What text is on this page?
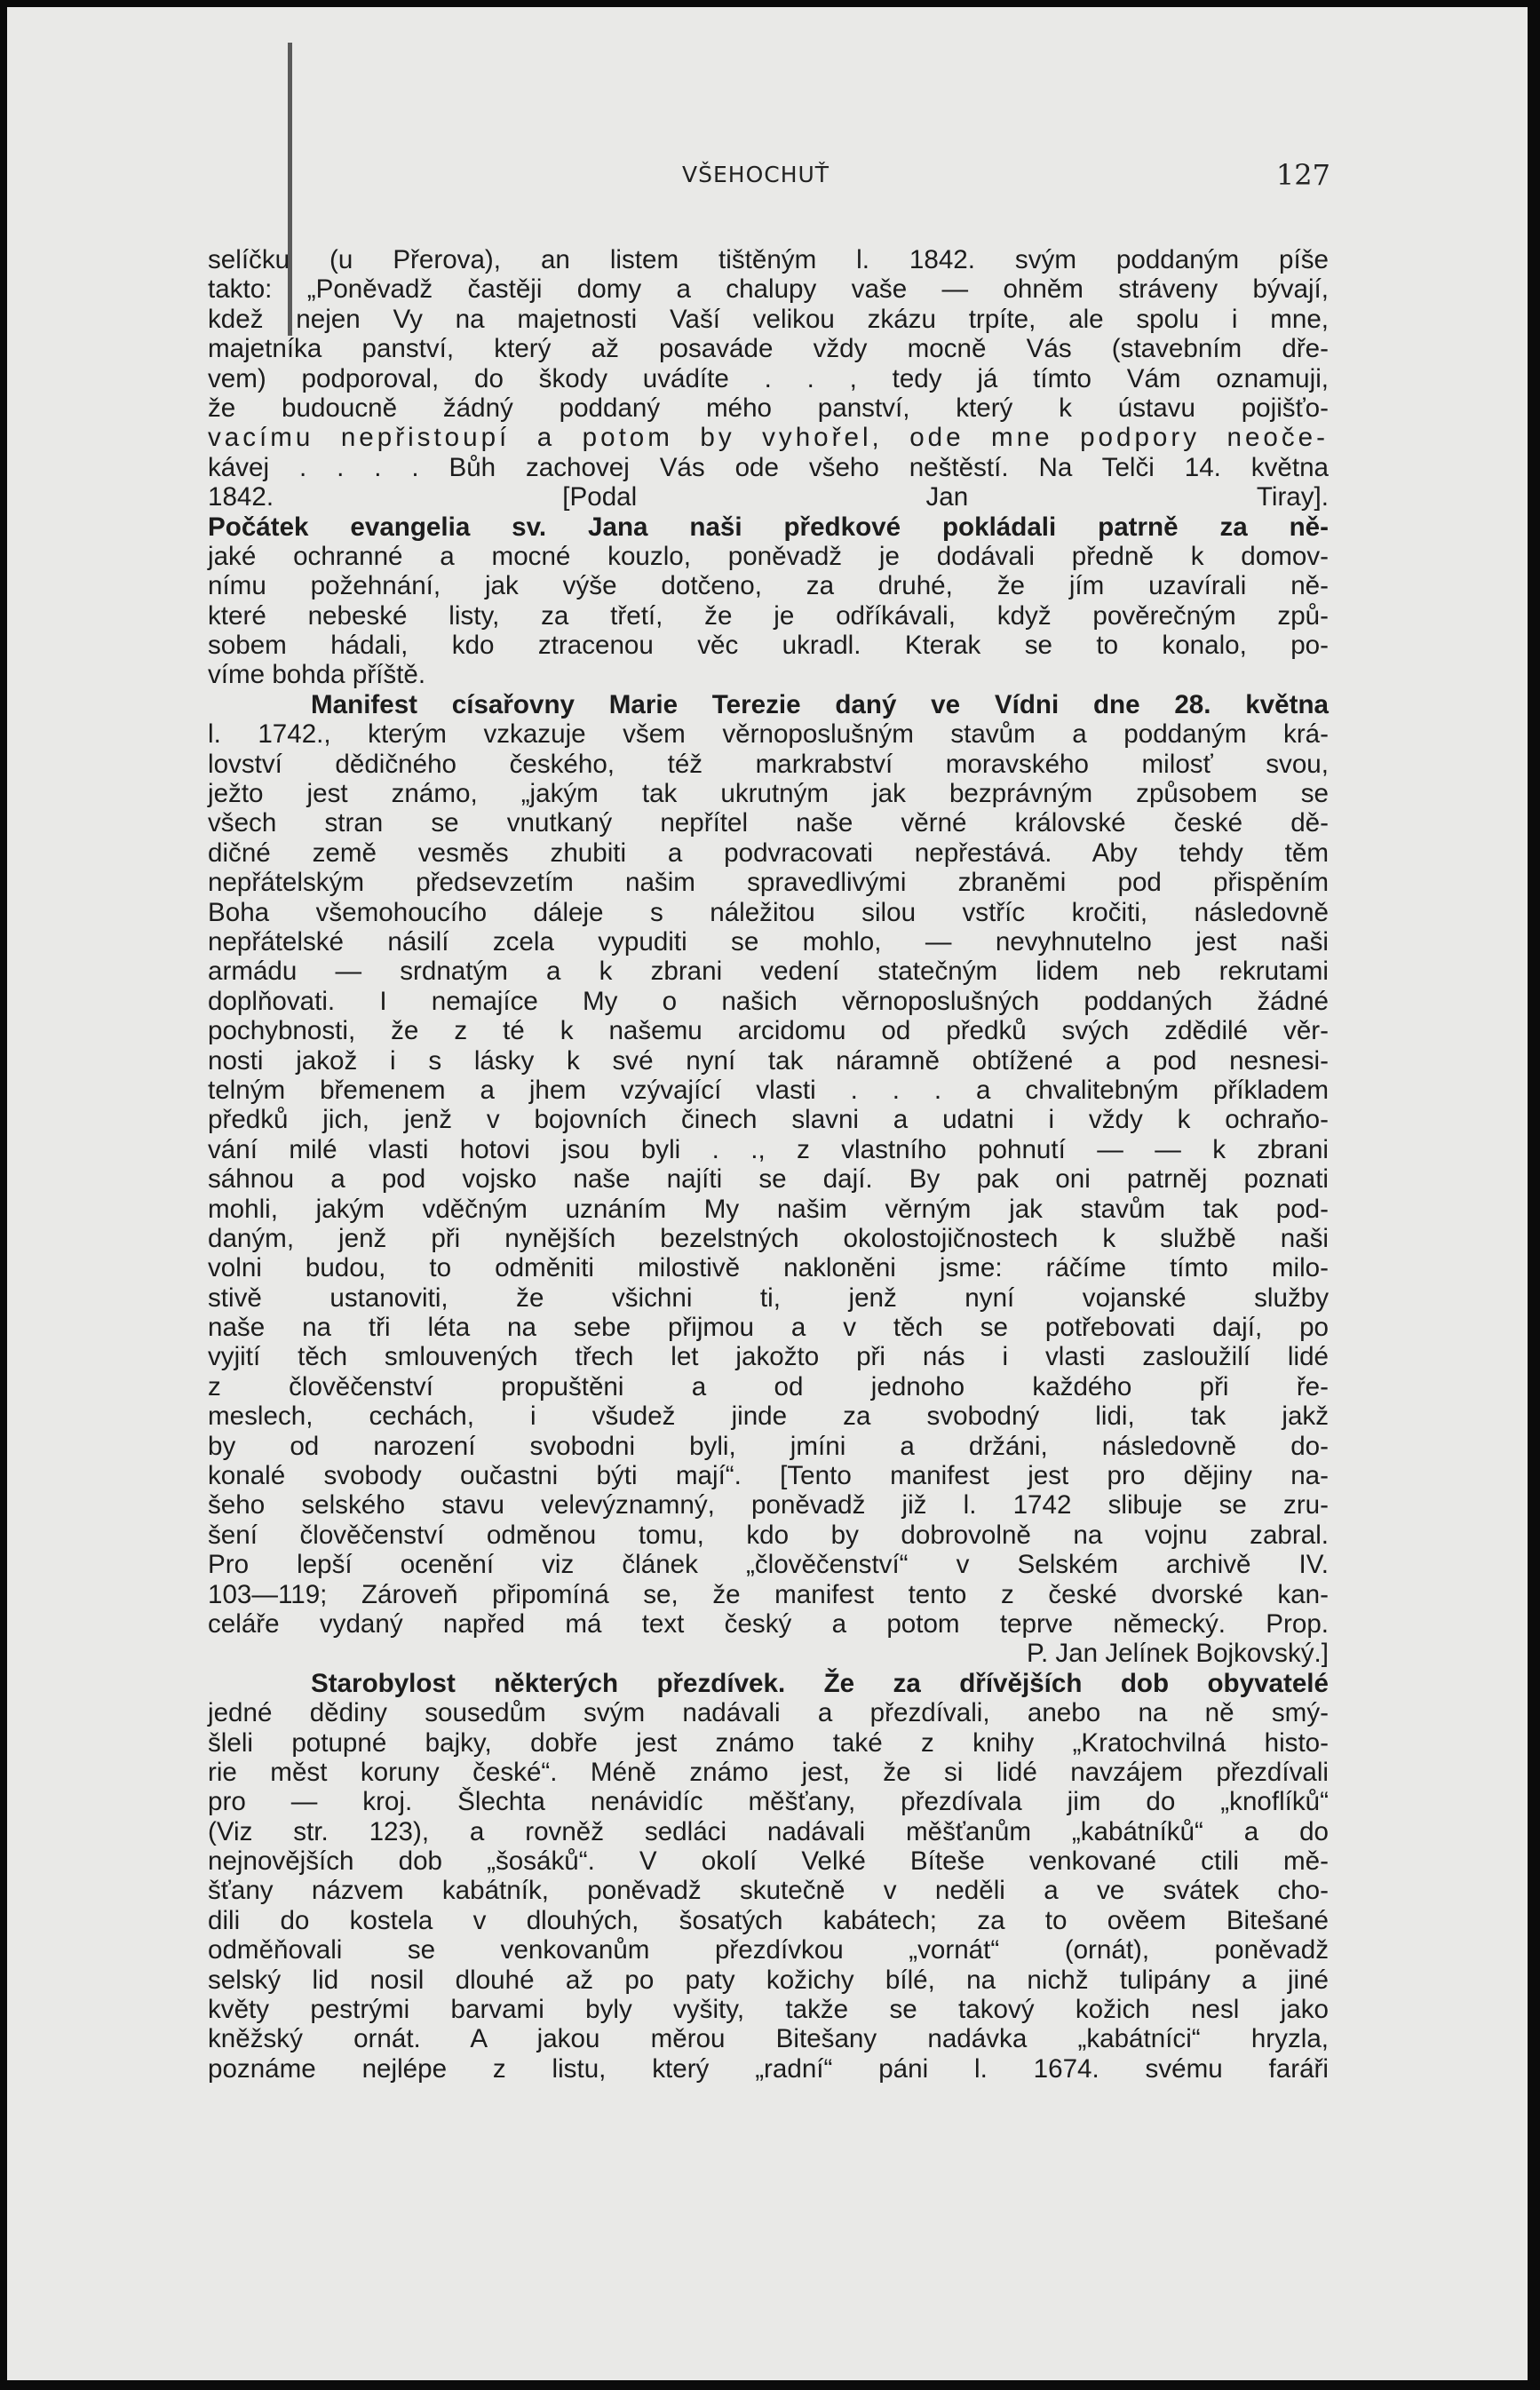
VŠEHOCHUŤ	127
selíčku (u Přerova), an listem tištěným l. 1842. svým poddaným píše
takto: „Poněvadž častěji domy a chalupy vaše — ohněm stráveny bývají,
kdež nejen Vy na majetnosti Vaší velikou zkázu trpíte, ale spolu i mne,
majetníka panství, který až posaváde vždy mocně Vás (stavebním dře-
vem) podporoval, do škody uvádíte . . , tedy já tímto Vám oznamuji,
že budoucně žádný poddaný mého panství, který k ústavu pojišťo-
vacímu nepřistoupí a potom by vyhořel, ode mne podpory neoče-
kávej . . . . Bůh zachovej Vás ode všeho neštěstí. Na Telči 14. května
1842. [Podal Jan Tiray].
Počátek evangelia sv. Jana naši předkové pokládali patrně za ně-
jaké ochranné a mocné kouzlo, poněvadž je dodávali předně k domov-
nímu požehnání, jak výše dotčeno, za druhé, že jím uzavírali ně-
které nebeské listy, za třetí, že je odříkávali, když pověrečným způ-
sobem hádali, kdo ztracenou věc ukradl. Kterak se to konalo, po-
víme bohda příště.
Manifest císařovny Marie Terezie daný ve Vídni dne 28. května
l. 1742., kterým vzkazuje všem věrnoposlušným stavům a poddaným krá-
lovství dědičného českého, též markrabství moravského milosť svou,
ježto jest známo, „jakým tak ukrutným jak bezprávným způsobem se
všech stran se vnutkaný nepřítel naše věrné královské české dě-
dičné země vesměs zhubiti a podvracovati nepřestává. Aby tehdy těm
nepřátelským předsevzetím našim spravedlivými zbraněmi pod přispěním
Boha všemohoucího dáleje s náležitou silou vstříc kročiti, následovně
nepřátelské násilí zcela vypuditi se mohlo, — nevyhnutelno jest naši
armádu — srdnatým a k zbrani vedení statečným lidem neb rekrutami
doplňovati. I nemajíce My o našich věrnoposlušných poddaných žádné
pochybnosti, že z té k našemu arcidomu od předků svých zdědilé věr-
nosti jakož i s lásky k své nyní tak náramně obtížené a pod nesnesi-
telným břemenem a jhem vzývající vlasti . . . a chvalitebným příkladem
předků jich, jenž v bojovních činech slavni a udatni i vždy k ochraňo-
vání milé vlasti hotovi jsou byli . ., z vlastního pohnutí — — k zbrani
sáhnou a pod vojsko naše najíti se dají. By pak oni patrněj poznati
mohli, jakým vděčným uznáním My našim věrným jak stavům tak pod-
daným, jenž při nynějších bezelstných okolostojičnostech k službě naši
volni budou, to odměniti milostivě nakloněni jsme: ráčíme tímto milo-
stivě ustanoviti, že všichni ti, jenž nyní vojanské služby
naše na tři léta na sebe přijmou a v těch se potřebovati dají, po
vyjití těch smlouvených třech let jakožto při nás i vlasti zasloužilí lidé
z člověčenství propuštěni a od jednoho každého při ře-
meslech, cechách, i všudež jinde za svobodný lidi, tak jakž
by od narození svobodni byli, jmíni a držáni, následovně do-
konalé svobody oučastni býti mají“. [Tento manifest jest pro dějiny na-
šeho selského stavu velevýznamný, poněvadž již l. 1742 slibuje se zru-
šení člověčenství odměnou tomu, kdo by dobrovolně na vojnu zabral.
Pro lepší ocenění viz článek „člověčenství“ v Selském archivě IV.
103—119; Zároveň připomíná se, že manifest tento z české dvorské kan-
celáře vydaný napřed má text český a potom teprve německý. Prop.
P. Jan Jelínek Bojkovský.]
Starobylost některých přezdívek. Že za dřívějších dob obyvatelé
jedné dědiny sousedům svým nadávali a přezdívali, anebo na ně smý-
šleli potupné bajky, dobře jest známo také z knihy „Kratochvilná histo-
rie měst koruny české“. Méně známo jest, že si lidé navzájem přezdívali
pro — kroj. Šlechta nenávidíc měšťany, přezdívala jim do „knoflíků“
(Viz str. 123), a rovněž sedláci nadávali měšťanům „kabátníků“ a do
nejnovějších dob „šosáků“. V okolí Velké Bíteše venkované ctili mě-
šťany názvem kabátník, poněvadž skutečně v neděli a ve svátek cho-
dili do kostela v dlouhých, šosatých kabátech; za to ověem Bitešané
odměňovali se venkovanům přezdívkou „vornát“ (ornát), poněvadž
selský lid nosil dlouhé až po paty kožichy bílé, na nichž tulipány a jiné
květy pestrými barvami byly vyšity, takže se takový kožich nesl jako
kněžský ornát. A jakou měrou Bitešany nadávka „kabátníci“ hryzla,
poznáme nejlépe z listu, který „radní“ páni l. 1674. svému faráři
